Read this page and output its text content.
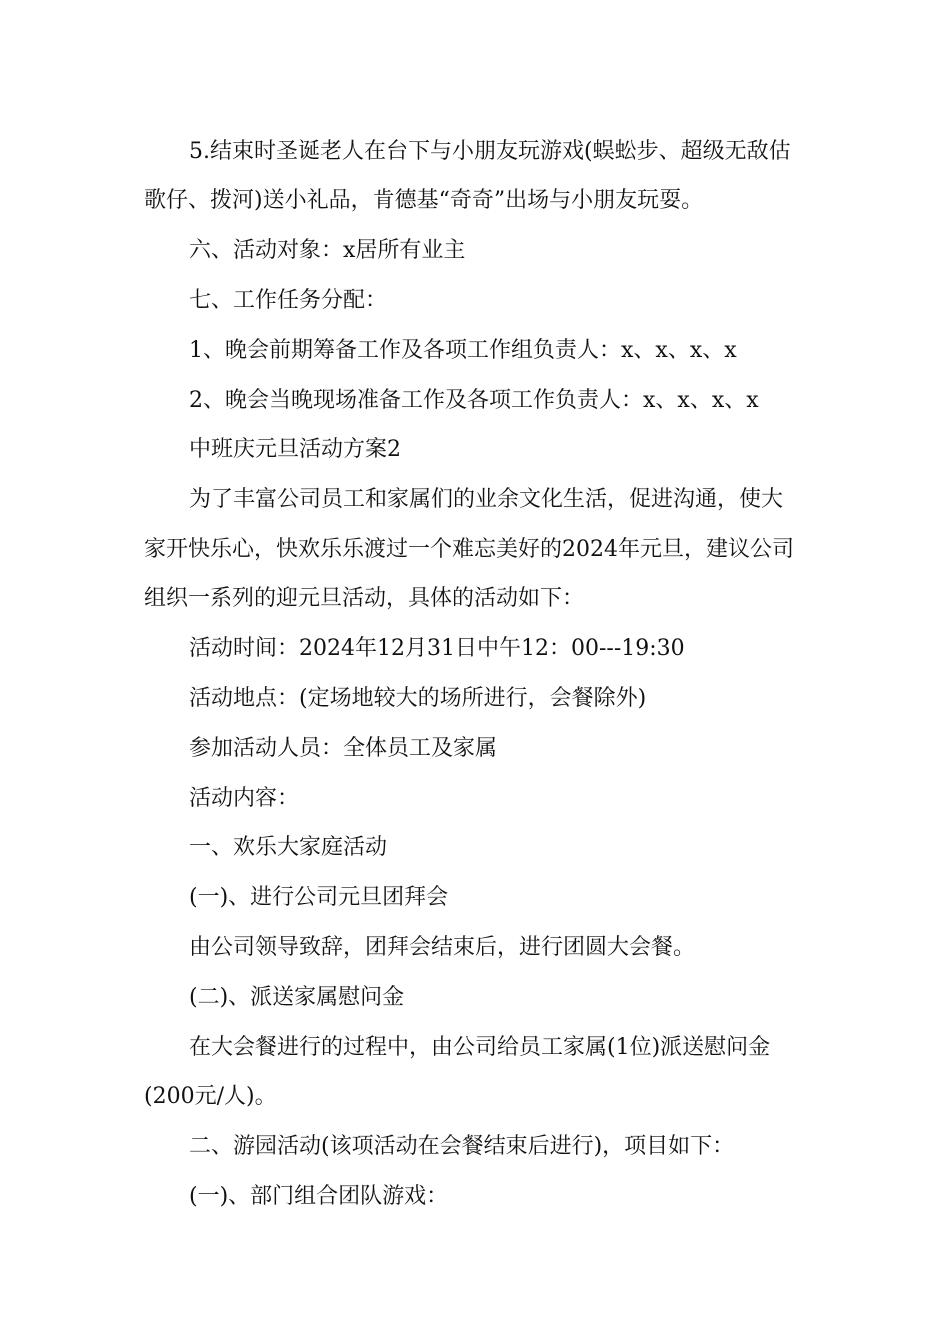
5.结束时圣诞老人在台下与小朋友玩游戏(蜈蚣步、超级无敌估

歌仔、拨河)送小礼品，肯德基“奇奇”出场与小朋友玩耍。

六、活动对象：x居所有业主

七、工作任务分配：

1、晚会前期筹备工作及各项工作组负责人：x、x、x、x

2、晚会当晚现场准备工作及各项工作负责人：x、x、x、x

中班庆元旦活动方案2

为了丰富公司员工和家属们的业余文化生活，促进沟通，使大

家开快乐心，快欢乐乐渡过一个难忘美好的2024年元旦，建议公司

组织一系列的迎元旦活动，具体的活动如下：

活动时间：2024年12月31日中午12：00---19:30

活动地点：(定场地较大的场所进行，会餐除外)

参加活动人员：全体员工及家属

活动内容：

一、欢乐大家庭活动

(一)、进行公司元旦团拜会

由公司领导致辞，团拜会结束后，进行团圆大会餐。

(二)、派送家属慰问金

在大会餐进行的过程中，由公司给员工家属(1位)派送慰问金

(200元/人)。

二、游园活动(该项活动在会餐结束后进行)，项目如下：

(一)、部门组合团队游戏：
